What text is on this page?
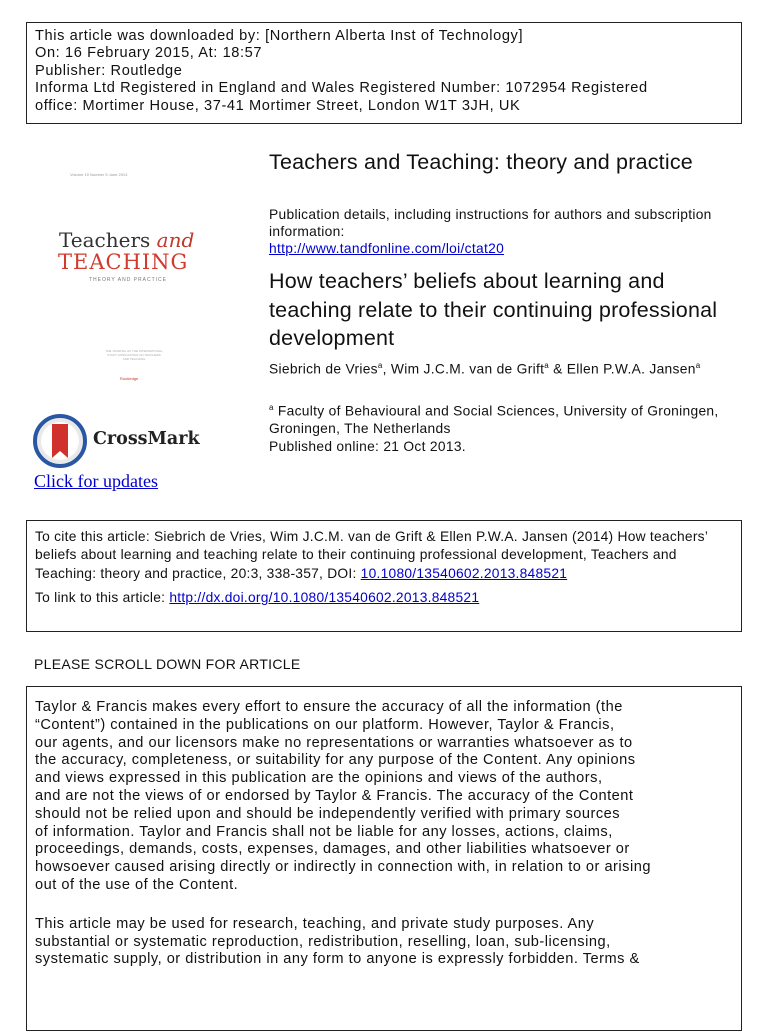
This article was downloaded by: [Northern Alberta Inst of Technology]
On: 16 February 2015, At: 18:57
Publisher: Routledge
Informa Ltd Registered in England and Wales Registered Number: 1072954 Registered
office: Mortimer House, 37-41 Mortimer Street, London W1T 3JH, UK
Volume 19 Number 5 June 2013
Teachers and
TEACHING
THEORY AND PRACTICE
THE JOURNAL OF THE INTERNATIONAL STUDY ASSOCIATION ON TEACHERS AND TEACHING
Routledge
CrossMark
Click for updates
Teachers and Teaching: theory and practice
Publication details, including instructions for authors and subscription information:
http://www.tandfonline.com/loi/ctat20
How teachers’ beliefs about learning and teaching relate to their continuing professional development
Siebrich de Vries$^a$, Wim J.C.M. van de Grift$^a$ & Ellen P.W.A. Jansen$^a$
$^a$ Faculty of Behavioural and Social Sciences, University of Groningen, Groningen, The Netherlands
Published online: 21 Oct 2013.
To cite this article: Siebrich de Vries, Wim J.C.M. van de Grift & Ellen P.W.A. Jansen (2014) How teachers’ beliefs about learning and teaching relate to their continuing professional development, Teachers and Teaching: theory and practice, 20:3, 338-357, DOI: 10.1080/13540602.2013.848521
To link to this article: http://dx.doi.org/10.1080/13540602.2013.848521
PLEASE SCROLL DOWN FOR ARTICLE

Taylor & Francis makes every effort to ensure the accuracy of all the information (the
“Content”) contained in the publications on our platform. However, Taylor & Francis,
our agents, and our licensors make no representations or warranties whatsoever as to
the accuracy, completeness, or suitability for any purpose of the Content. Any opinions
and views expressed in this publication are the opinions and views of the authors,
and are not the views of or endorsed by Taylor & Francis. The accuracy of the Content
should not be relied upon and should be independently verified with primary sources
of information. Taylor and Francis shall not be liable for any losses, actions, claims,
proceedings, demands, costs, expenses, damages, and other liabilities whatsoever or
howsoever caused arising directly or indirectly in connection with, in relation to or arising
out of the use of the Content.

This article may be used for research, teaching, and private study purposes. Any
substantial or systematic reproduction, redistribution, reselling, loan, sub-licensing,
systematic supply, or distribution in any form to anyone is expressly forbidden. Terms &
